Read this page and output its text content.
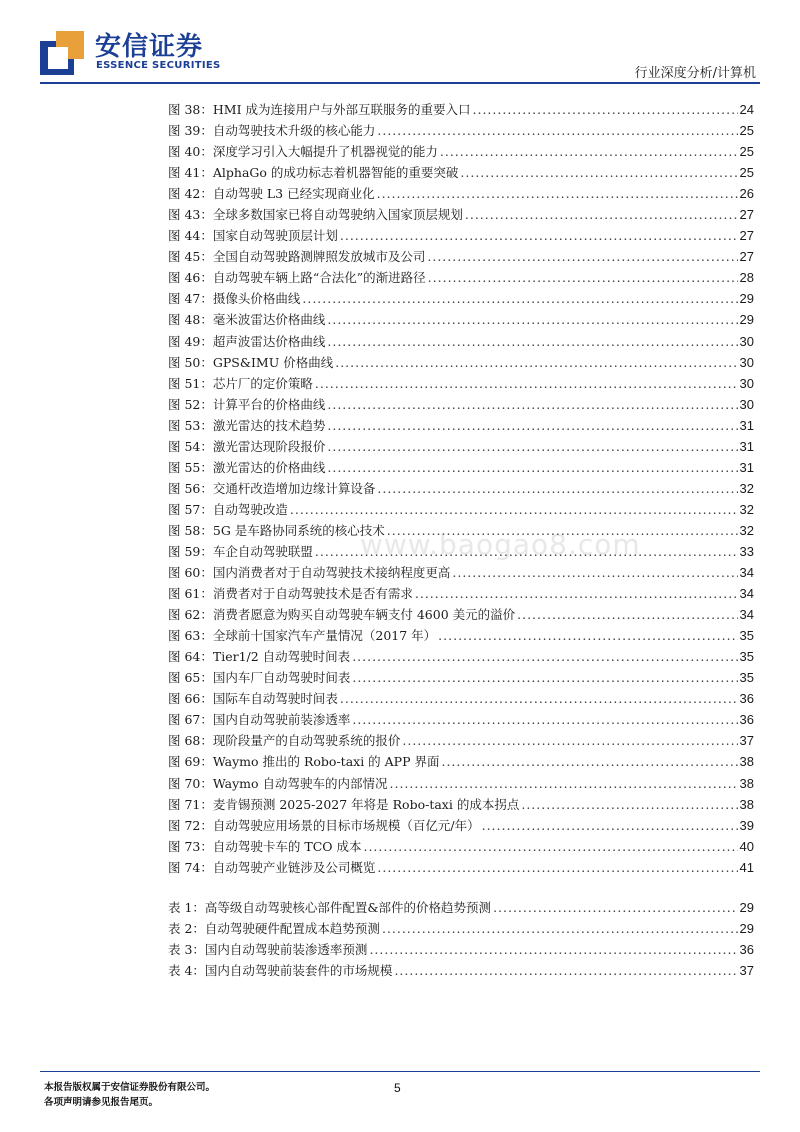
安信证券
ESSENCE SECURITIES
行业深度分析/计算机
图 38：HMI 成为连接用户与外部互联服务的重要入口 .....	24
图 39：自动驾驶技术升级的核心能力 .....	25
图 40：深度学习引入大幅提升了机器视觉的能力 .....	25
图 41：AlphaGo 的成功标志着机器智能的重要突破 .....	25
图 42：自动驾驶 L3 已经实现商业化 .....	26
图 43：全球多数国家已将自动驾驶纳入国家顶层规划 .....	27
图 44：国家自动驾驶顶层计划 .....	27
图 45：全国自动驾驶路测牌照发放城市及公司 .....	27
图 46：自动驾驶车辆上路“合法化”的渐进路径 .....	28
图 47：摄像头价格曲线 .....	29
图 48：毫米波雷达价格曲线 .....	29
图 49：超声波雷达价格曲线 .....	30
图 50：GPS&IMU 价格曲线 .....	30
图 51：芯片厂的定价策略 .....	30
图 52：计算平台的价格曲线 .....	30
图 53：激光雷达的技术趋势 .....	31
图 54：激光雷达现阶段报价 .....	31
图 55：激光雷达的价格曲线 .....	31
图 56：交通杆改造增加边缘计算设备 .....	32
图 57：自动驾驶改造 .....	32
图 58：5G 是车路协同系统的核心技术 .....	32
图 59：车企自动驾驶联盟 .....	33
图 60：国内消费者对于自动驾驶技术接纳程度更高 .....	34
图 61：消费者对于自动驾驶技术是否有需求 .....	34
图 62：消费者愿意为购买自动驾驶车辆支付 4600 美元的溢价 .....	34
图 63：全球前十国家汽车产量情况（2017 年） .....	35
图 64：Tier1/2 自动驾驶时间表 .....	35
图 65：国内车厂自动驾驶时间表 .....	35
图 66：国际车自动驾驶时间表 .....	36
图 67：国内自动驾驶前装渗透率 .....	36
图 68：现阶段量产的自动驾驶系统的报价 .....	37
图 69：Waymo 推出的 Robo-taxi 的 APP 界面 .....	38
图 70：Waymo 自动驾驶车的内部情况 .....	38
图 71：麦肯锡预测 2025-2027 年将是 Robo-taxi 的成本拐点 .....	38
图 72：自动驾驶应用场景的目标市场规模（百亿元/年） .....	39
图 73：自动驾驶卡车的 TCO 成本 .....	40
图 74：自动驾驶产业链涉及公司概览 .....	41
表 1：高等级自动驾驶核心部件配置&部件的价格趋势预测 .....	29
表 2：自动驾驶硬件配置成本趋势预测 .....	29
表 3：国内自动驾驶前装渗透率预测 .....	36
表 4：国内自动驾驶前装套件的市场规模 .....	37
www.baogao8.com
本报告版权属于安信证券股份有限公司。
各项声明请参见报告尾页。
5
